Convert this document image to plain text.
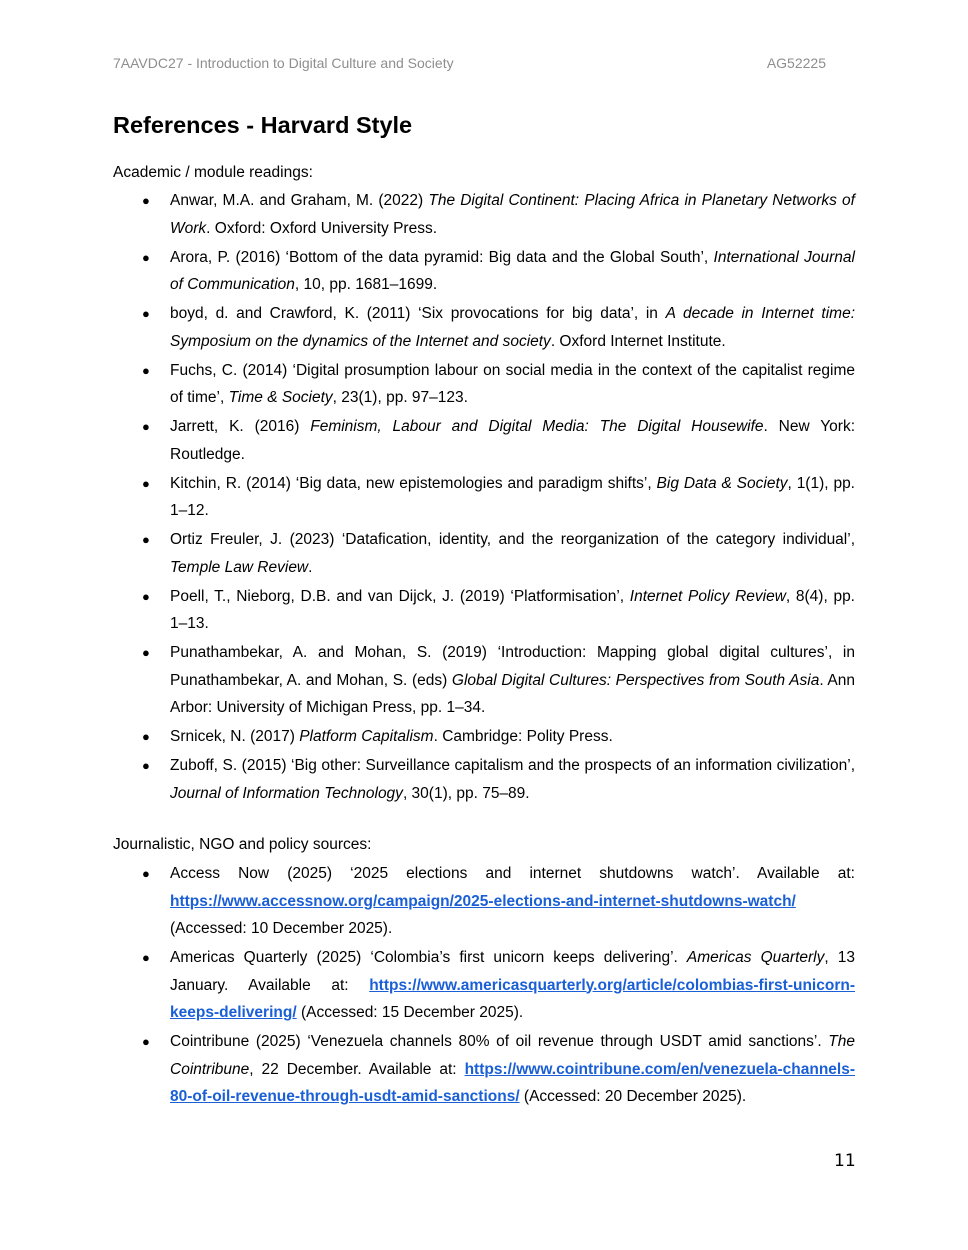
7AAVDC27 - Introduction to Digital Culture and Society	AG52225
References - Harvard Style

Academic / module readings:

● Anwar, M.A. and Graham, M. (2022) The Digital Continent: Placing Africa in Planetary Networks of Work. Oxford: Oxford University Press.
● Arora, P. (2016) ‘Bottom of the data pyramid: Big data and the Global South’, International Journal of Communication, 10, pp. 1681–1699.
● boyd, d. and Crawford, K. (2011) ‘Six provocations for big data’, in A decade in Internet time: Symposium on the dynamics of the Internet and society. Oxford Internet Institute.
● Fuchs, C. (2014) ‘Digital prosumption labour on social media in the context of the capitalist regime of time’, Time & Society, 23(1), pp. 97–123.
● Jarrett, K. (2016) Feminism, Labour and Digital Media: The Digital Housewife. New York: Routledge.
● Kitchin, R. (2014) ‘Big data, new epistemologies and paradigm shifts’, Big Data & Society, 1(1), pp. 1–12.
● Ortiz Freuler, J. (2023) ‘Datafication, identity, and the reorganization of the category individual’, Temple Law Review.
● Poell, T., Nieborg, D.B. and van Dijck, J. (2019) ‘Platformisation’, Internet Policy Review, 8(4), pp. 1–13.
● Punathambekar, A. and Mohan, S. (2019) ‘Introduction: Mapping global digital cultures’, in Punathambekar, A. and Mohan, S. (eds) Global Digital Cultures: Perspectives from South Asia. Ann Arbor: University of Michigan Press, pp. 1–34.
● Srnicek, N. (2017) Platform Capitalism. Cambridge: Polity Press.
● Zuboff, S. (2015) ‘Big other: Surveillance capitalism and the prospects of an information civilization’, Journal of Information Technology, 30(1), pp. 75–89.

Journalistic, NGO and policy sources:

● Access Now (2025) ‘2025 elections and internet shutdowns watch’. Available at: https://www.accessnow.org/campaign/2025-elections-and-internet-shutdowns-watch/ (Accessed: 10 December 2025).
● Americas Quarterly (2025) ‘Colombia’s first unicorn keeps delivering’. Americas Quarterly, 13 January. Available at: https://www.americasquarterly.org/article/colombias-first-unicorn-keeps-delivering/ (Accessed: 15 December 2025).
● Cointribune (2025) ‘Venezuela channels 80% of oil revenue through USDT amid sanctions’. The Cointribune, 22 December. Available at: https://www.cointribune.com/en/venezuela-channels-80-of-oil-revenue-through-usdt-amid-sanctions/ (Accessed: 20 December 2025).
11
